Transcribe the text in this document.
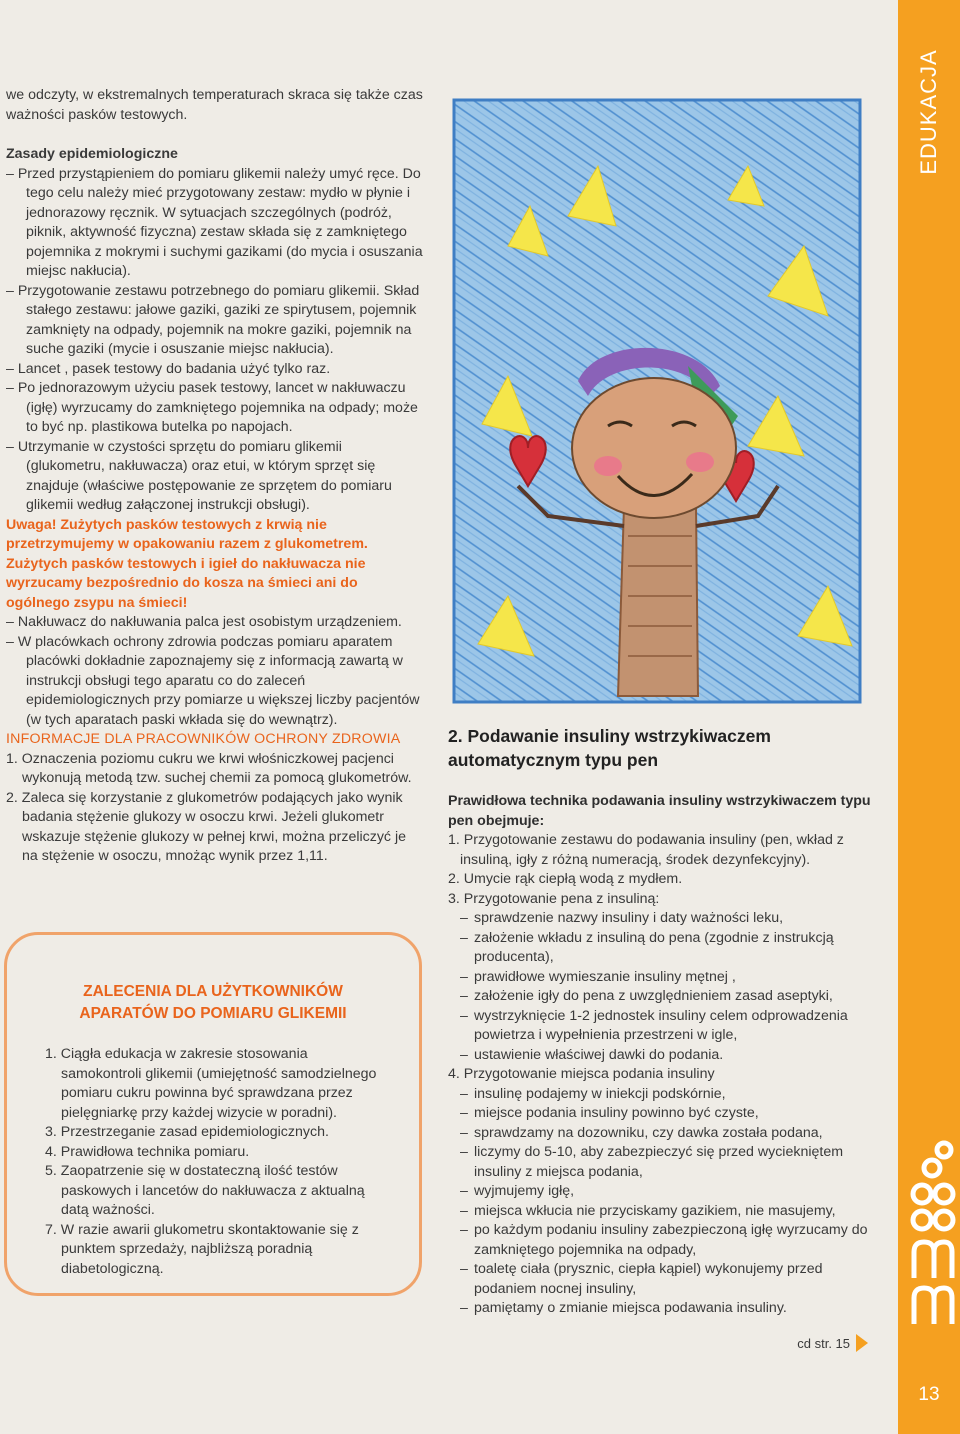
we odczyty, w ekstremalnych temperaturach skraca się także czas ważności pasków testowych.

Zasady epidemiologiczne

– Przed przystąpieniem do pomiaru glikemii należy umyć ręce. Do tego celu należy mieć przygotowany zestaw: mydło w płynie i jednorazowy ręcznik. W sytuacjach szczególnych (podróż, piknik, aktywność fizyczna) zestaw składa się z zamkniętego pojemnika z mokrymi i suchymi gazikami (do mycia i osuszania miejsc nakłucia).

– Przygotowanie zestawu potrzebnego do pomiaru glikemii. Skład stałego zestawu: jałowe gaziki, gaziki ze spirytusem, pojemnik zamknięty na odpady, pojemnik na mokre gaziki, pojemnik na suche gaziki (mycie i osuszanie miejsc nakłucia).

– Lancet , pasek testowy do badania użyć tylko raz.

– Po jednorazowym użyciu pasek testowy, lancet w nakłuwaczu (igłę) wyrzucamy do zamkniętego pojemnika na odpady; może to być np. plastikowa butelka po napojach.

– Utrzymanie w czystości sprzętu do pomiaru glikemii (glukometru, nakłuwacza) oraz etui, w którym sprzęt się znajduje (właściwe postępowanie ze sprzętem do pomiaru glikemii według załączonej instrukcji obsługi).

Uwaga! Zużytych pasków testowych z krwią nie przetrzymujemy w opakowaniu razem z glukometrem. Zużytych pasków testowych i igieł do nakłuwacza nie wyrzucamy bezpośrednio do kosza na śmieci ani do ogólnego zsypu na śmieci!

– Nakłuwacz do nakłuwania palca jest osobistym urządzeniem.

– W placówkach ochrony zdrowia podczas pomiaru aparatem placówki dokładnie zapoznajemy się z informacją zawartą w instrukcji obsługi tego aparatu co do zaleceń epidemiologicznych przy pomiarze u większej liczby pacjentów (w tych aparatach paski wkłada się do wewnątrz).

INFORMACJE DLA PRACOWNIKÓW OCHRONY ZDROWIA

1. Oznaczenia poziomu cukru we krwi włośniczkowej pacjenci wykonują metodą tzw. suchej chemii za pomocą glukometrów.

2. Zaleca się korzystanie z glukometrów podających jako wynik badania stężenie glukozy w osoczu krwi. Jeżeli glukometr wskazuje stężenie glukozy w pełnej krwi, można przeliczyć je na stężenie w osoczu, mnożąc wynik przez 1,11.

ZALECENIA DLA UŻYTKOWNIKÓW
APARATÓW DO POMIARU GLIKEMII
1. Ciągła edukacja w zakresie stosowania samokontroli glikemii (umiejętność samodzielnego pomiaru cukru powinna być sprawdzana przez pielęgniarkę przy każdej wizycie w poradni).
3. Przestrzeganie zasad epidemiologicznych.
4. Prawidłowa technika pomiaru.
5. Zaopatrzenie się w dostateczną ilość testów paskowych i lancetów do nakłuwacza z aktualną datą ważności.
7. W razie awarii glukometru skontaktowanie się z punktem sprzedaży, najbliższą poradnią diabetologiczną.
2. Podawanie insuliny wstrzykiwaczem automatycznym typu pen
Prawidłowa technika podawania insuliny wstrzykiwaczem typu pen obejmuje:
1. Przygotowanie zestawu do podawania insuliny (pen, wkład z insuliną, igły z różną numeracją, środek dezynfekcyjny).
2. Umycie rąk ciepłą wodą z mydłem.
3. Przygotowanie pena z insuliną:
– sprawdzenie nazwy insuliny i daty ważności leku,
– założenie wkładu z insuliną do pena (zgodnie z instrukcją producenta),
– prawidłowe wymieszanie insuliny mętnej ,
– założenie igły do pena z uwzględnieniem zasad aseptyki,
– wystrzyknięcie 1-2 jednostek insuliny celem odprowadzenia powietrza i wypełnienia przestrzeni w igle,
– ustawienie właściwej dawki do podania.
4. Przygotowanie miejsca podania insuliny
– insulinę podajemy w iniekcji podskórnie,
– miejsce podania insuliny powinno być czyste,
– sprawdzamy na dozowniku, czy dawka została podana,
– liczymy do 5-10, aby zabezpieczyć się przed wyciekniętem insuliny z miejsca podania,
– wyjmujemy igłę,
– miejsca wkłucia nie przyciskamy gazikiem, nie masujemy,
– po każdym podaniu insuliny zabezpieczoną igłę wyrzucamy do zamkniętego pojemnika na odpady,
– toaletę ciała (prysznic, ciepła kąpiel) wykonujemy przed podaniem nocnej insuliny,
– pamiętamy o zmianie miejsca podawania insuliny.
cd str. 15
EDUKACJA
13
